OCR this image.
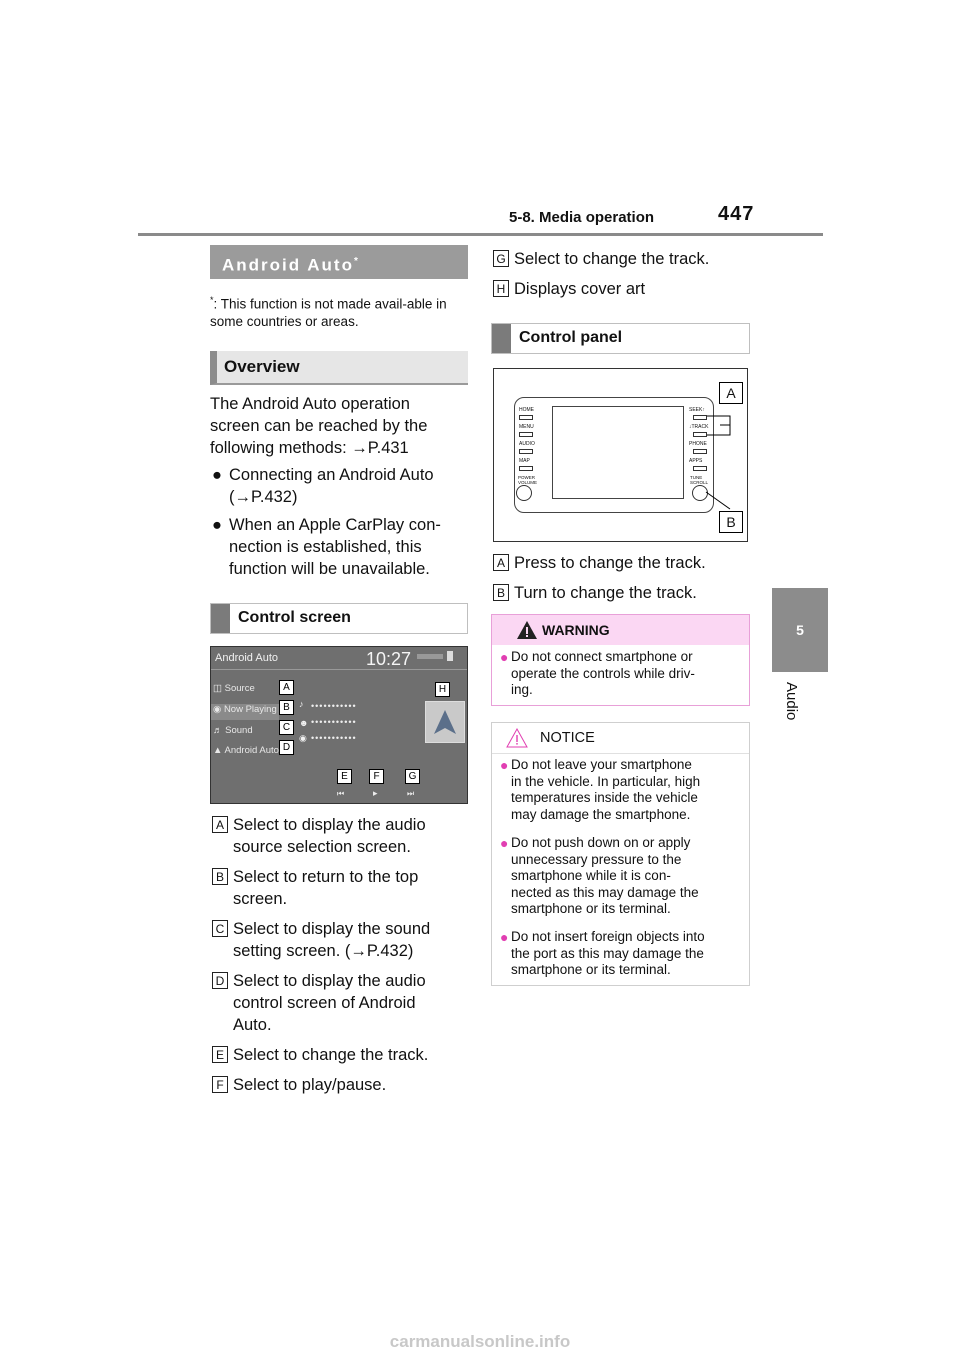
5-8. Media operation	447
5
Audio
Android Auto*
*: This function is not made avail-able in some countries or areas.
Overview
The Android Auto operation
screen can be reached by the
following methods: →P.431
● Connecting an Android Auto
(→P.432)
● When an Apple CarPlay con-
nection is established, this
function will be unavailable.
Control screen
Android Auto	10:27
◫ Source
◉ Now Playing
♬ Sound
▲ Android Auto
A
B
C
D
H
♪
☻
◉
•••••••••••
•••••••••••
•••••••••••
E	F	G
⏮	▸	⏭
A Select to display the audio
source selection screen.
B Select to return to the top
screen.
C Select to display the sound
setting screen. (→P.432)
D Select to display the audio
control screen of Android
Auto.
E Select to change the track.
F Select to play/pause.
G Select to change the track.
H Displays cover art
Control panel
HOME
MENU
AUDIO
MAP
POWER VOLUME
SEEK↑
↓TRACK
PHONE
APPS
TUNE SCROLL
A
B
A Press to change the track.
B Turn to change the track.
WARNING
● Do not connect smartphone or
operate the controls while driv-
ing.
NOTICE
● Do not leave your smartphone
in the vehicle. In particular, high
temperatures inside the vehicle
may damage the smartphone.
● Do not push down on or apply
unnecessary pressure to the
smartphone while it is con-
nected as this may damage the
smartphone or its terminal.
● Do not insert foreign objects into
the port as this may damage the
smartphone or its terminal.
carmanualsonline.info
